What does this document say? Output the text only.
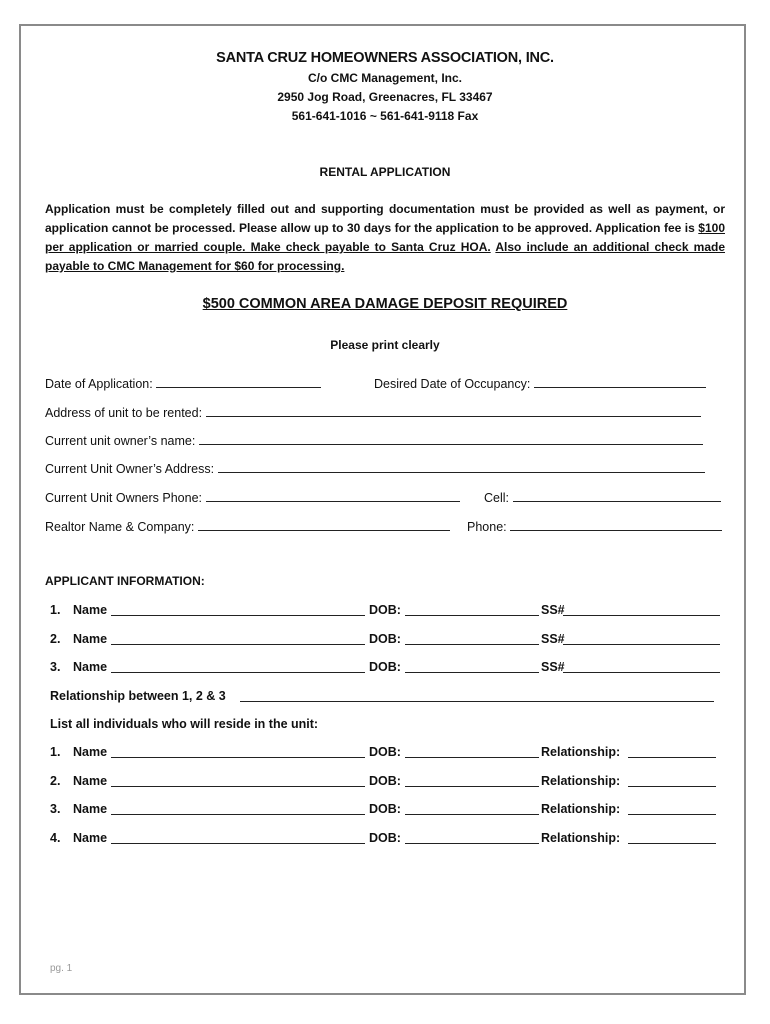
SANTA CRUZ HOMEOWNERS ASSOCIATION, INC.
C/o CMC Management, Inc.
2950 Jog Road, Greenacres, FL 33467
561-641-1016 ~ 561-641-9118 Fax
RENTAL APPLICATION
Application must be completely filled out and supporting documentation must be provided as well as payment, or application cannot be processed. Please allow up to 30 days for the application to be approved. Application fee is $100 per application or married couple. Make check payable to Santa Cruz HOA. Also include an additional check made payable to CMC Management for $60 for processing.
$500 COMMON AREA DAMAGE DEPOSIT REQUIRED
Please print clearly
Date of Application:	Desired Date of Occupancy:
Address of unit to be rented:
Current unit owner’s name:
Current Unit Owner’s Address:
Current Unit Owners Phone:	Cell:
Realtor Name & Company:	Phone:
APPLICANT INFORMATION:
1. Name	DOB:	SS#
2. Name	DOB:	SS#
3. Name	DOB:	SS#
Relationship between 1, 2 & 3
List all individuals who will reside in the unit:
1. Name	DOB:	Relationship:
2. Name	DOB:	Relationship:
3. Name	DOB:	Relationship:
4. Name	DOB:	Relationship:
pg. 1
